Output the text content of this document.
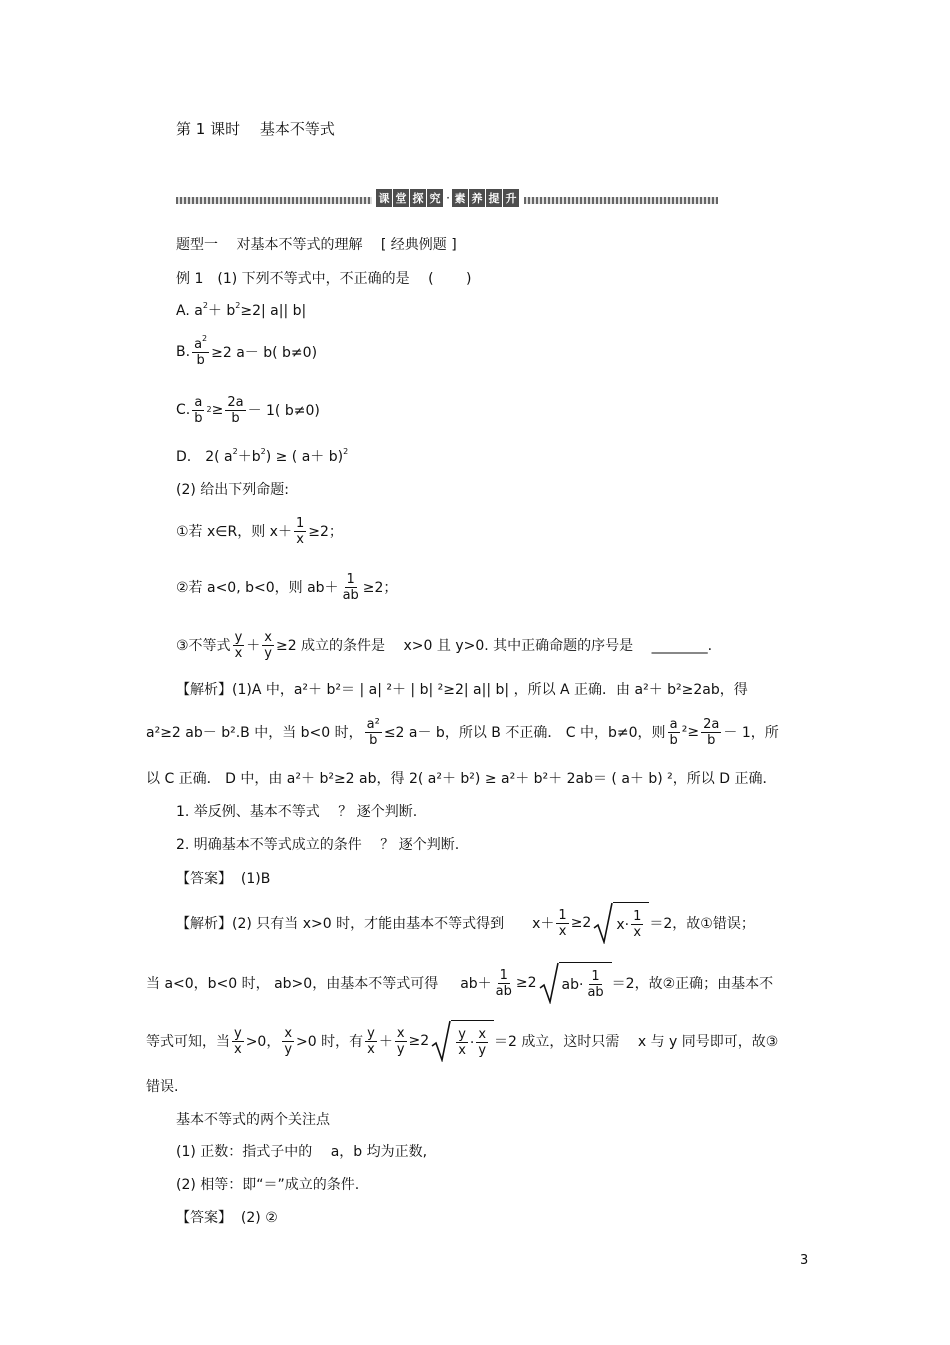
第 1 课时　 基本不等式
课 堂 探 究 · 素 养 提 升
题型一　 对基本不等式的理解　 [ 经典例题 ]
例 1　(1) 下列不等式中，不正确的是　 (　　 )
A. $a^2+ b^2\ge 2|$ a|| b|
B. $\frac{a^2}{b} \ge 2$ a－ b( b≠0)
C. $\frac{a}{b} 2 \ge \frac{2a}{b} - 1$( b≠0)
D.　2( $a^2+b^2$) ≥ ( a＋ b)$^2$
(2) 给出下列命题:
①若 x∈R，则 $x+ \frac{1}{x} \ge 2$；
②若 a<0, b<0，则 $ab+ \frac{1}{ab} \ge 2$；
③不等式 $\frac{y}{x} + \frac{x}{y} \ge 2$ 成立的条件是　 x>0 且 y>0. 其中正确命题的序号是　 ________.
【解析】(1)A 中，a²＋ b²＝ | a| ²＋ | b| ²≥2| a|| b| ，所以 A 正确．由 a²＋ b²≥2ab，得
a²≥2 ab－ b².B 中，当 b<0 时， $\frac{\text{a²}}{b} \le 2$ a－ b，所以 B 不正确． C 中，b≠0，则 $\frac{a}{b} ^2\ge \frac{2a}{b} - 1$，所
以 C 正确． D 中，由 a²＋ b²≥2 ab，得 2( a²＋ b²) ≥ a²＋ b²＋ 2ab＝ ( a＋ b) ²，所以 D 正确．
1. 举反例、基本不等式　 ？ 逐个判断.
2. 明确基本不等式成立的条件　 ？ 逐个判断.
【答案】 (1)B
【解析】 (2) 只有当 x>0 时，才能由基本不等式得到 $x+ \frac{1}{x} \ge 2$ $x\cdot \frac{1}{x} =2$，故①错误；
当 a<0，b<0 时， ab>0，由基本不等式可得 $ab+ \frac{1}{ab} \ge 2$ $ab\cdot \frac{1}{ab} =2$，故②正确；由基本不
等式可知，当 $\frac{y}{x} >0$， $\frac{x}{y} >0$ 时，有 $\frac{y}{x} + \frac{x}{y} \ge 2 \frac{y}{x} \cdot \frac{x}{y} =2$ 成立，这时只需　 x 与 y 同号即可，故③
错误.
基本不等式的两个关注点
(1) 正数：指式子中的　 a，b 均为正数,
(2) 相等：即“＝”成立的条件.
【答案】 (2) ②
3
